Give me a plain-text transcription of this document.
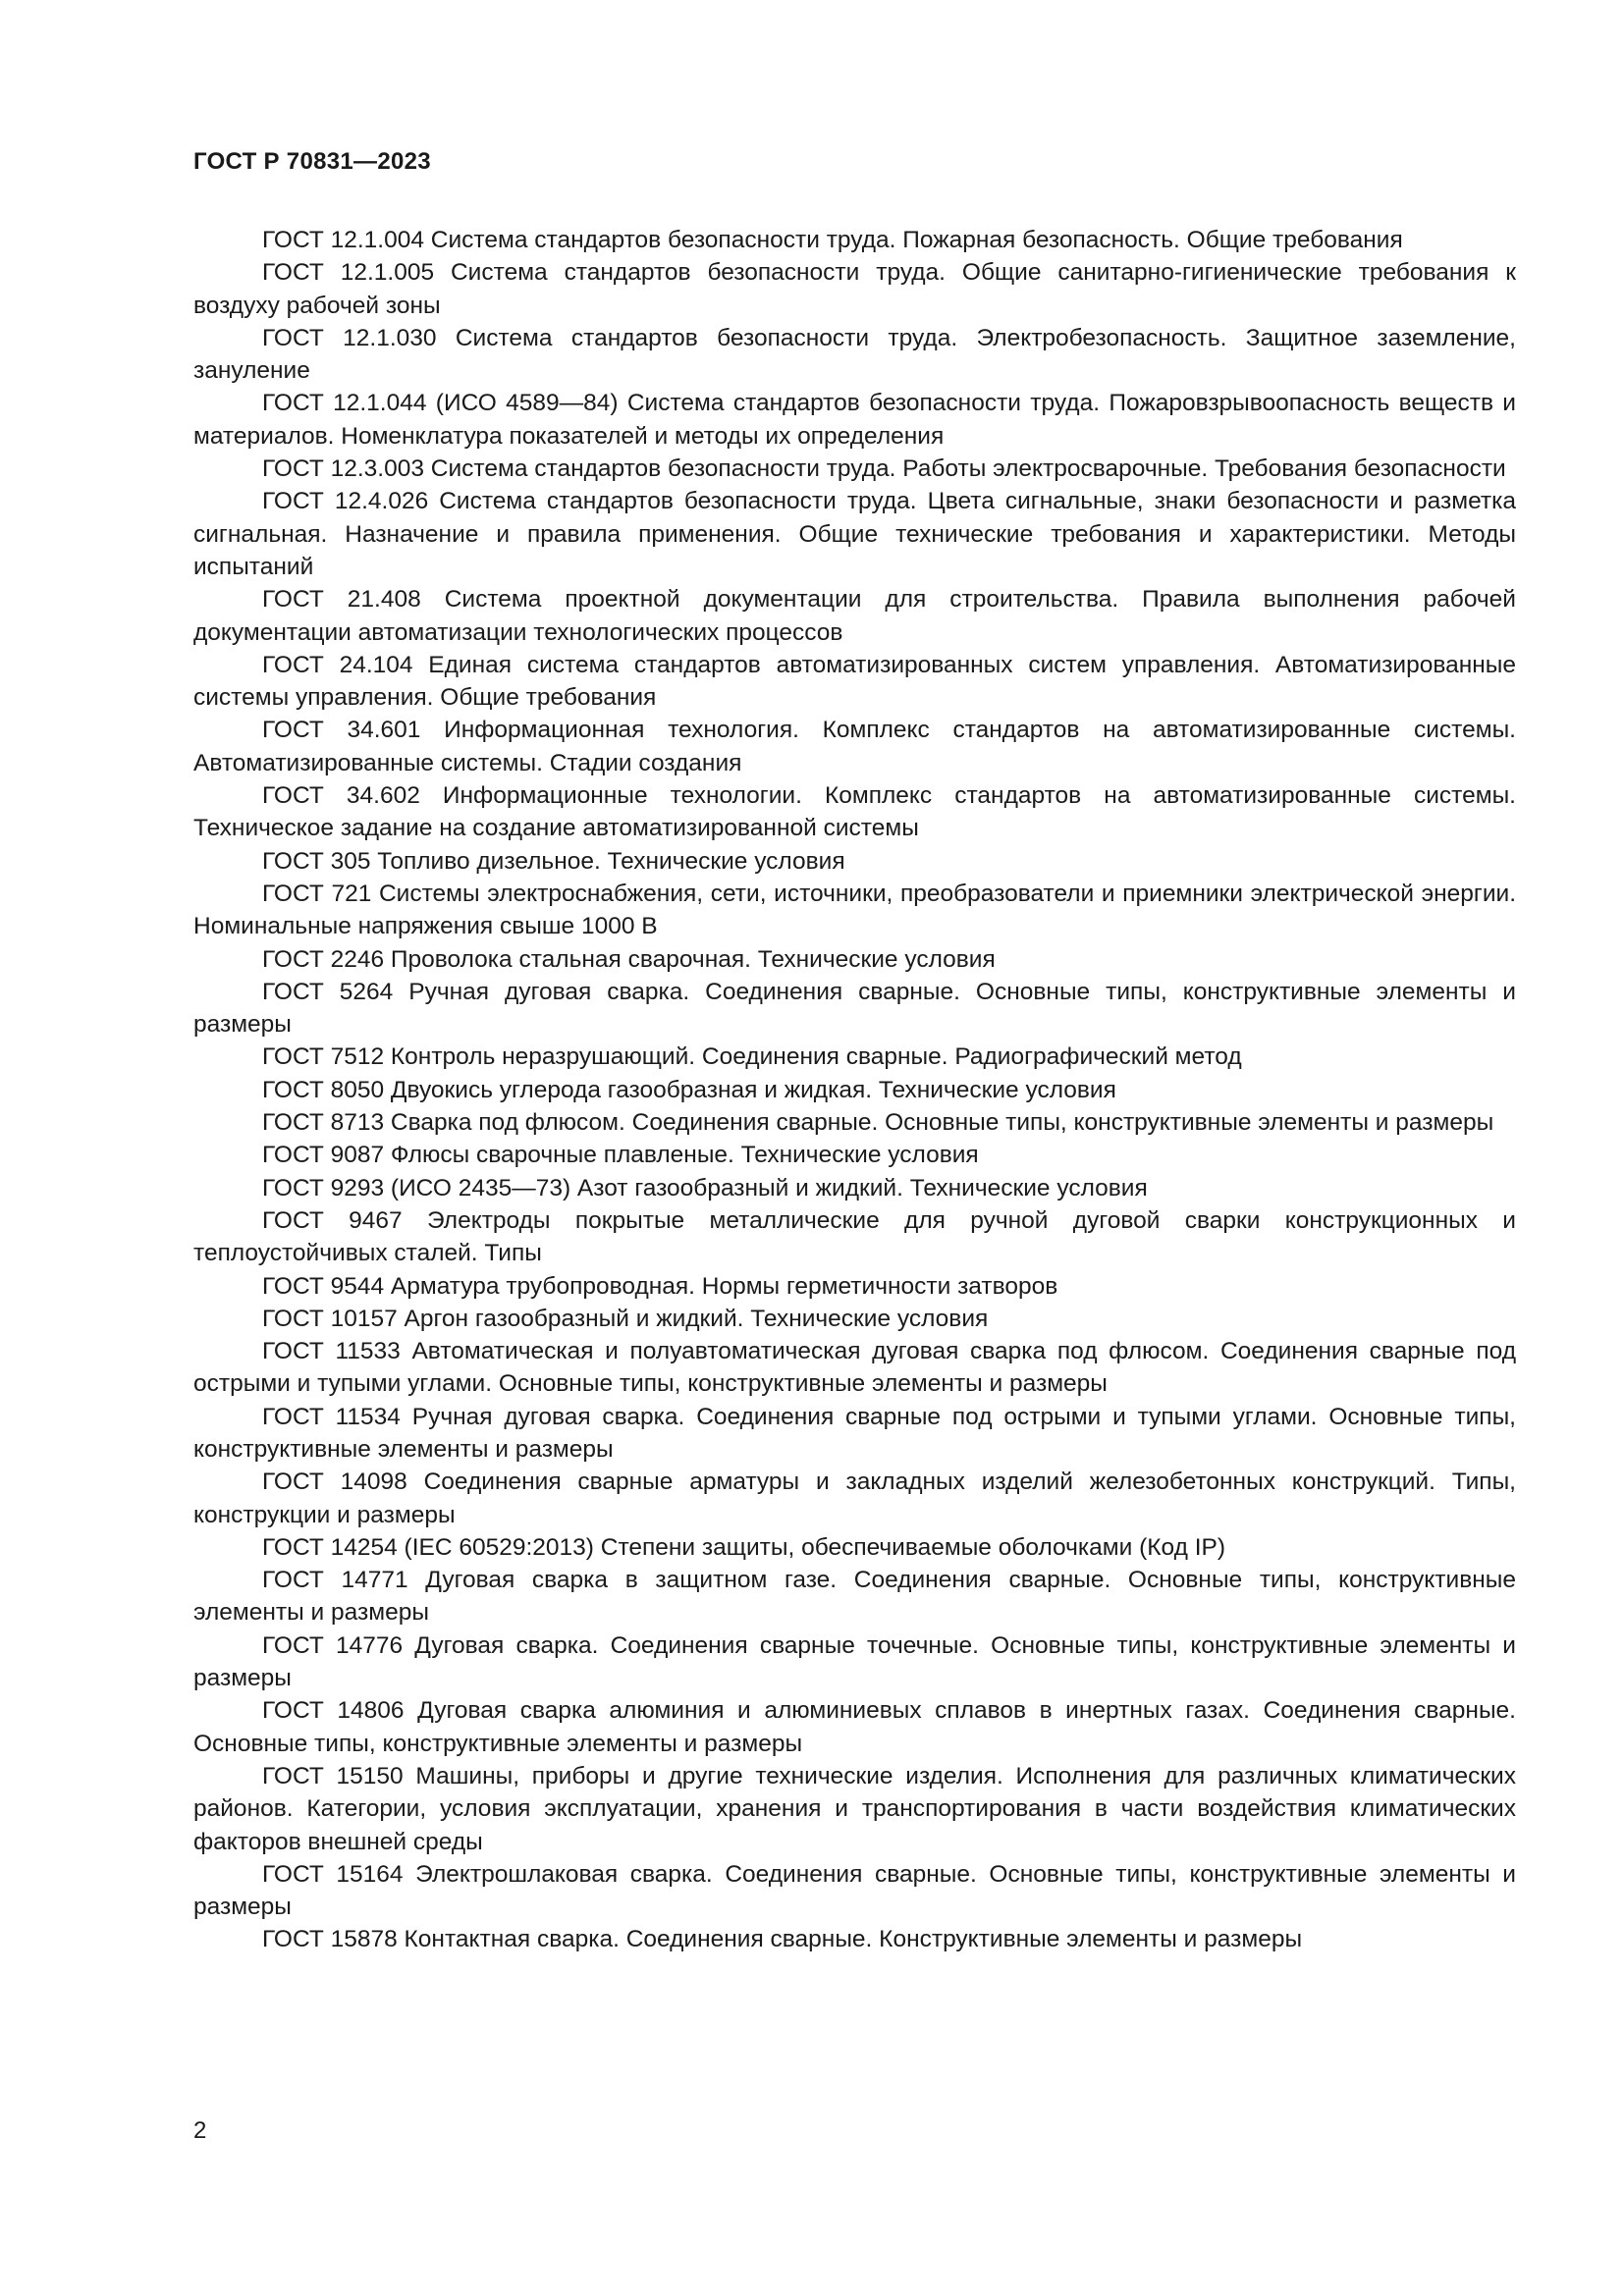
ГОСТ Р 70831—2023
ГОСТ 12.1.004 Система стандартов безопасности труда. Пожарная безопасность. Общие требования
ГОСТ 12.1.005 Система стандартов безопасности труда. Общие санитарно-гигиенические требования к воздуху рабочей зоны
ГОСТ 12.1.030 Система стандартов безопасности труда. Электробезопасность. Защитное заземление, зануление
ГОСТ 12.1.044 (ИСО 4589—84) Система стандартов безопасности труда. Пожаровзрывоопасность веществ и материалов. Номенклатура показателей и методы их определения
ГОСТ 12.3.003 Система стандартов безопасности труда. Работы электросварочные. Требования безопасности
ГОСТ 12.4.026 Система стандартов безопасности труда. Цвета сигнальные, знаки безопасности и разметка сигнальная. Назначение и правила применения. Общие технические требования и характеристики. Методы испытаний
ГОСТ 21.408 Система проектной документации для строительства. Правила выполнения рабочей документации автоматизации технологических процессов
ГОСТ 24.104 Единая система стандартов автоматизированных систем управления. Автоматизированные системы управления. Общие требования
ГОСТ 34.601 Информационная технология. Комплекс стандартов на автоматизированные системы. Автоматизированные системы. Стадии создания
ГОСТ 34.602 Информационные технологии. Комплекс стандартов на автоматизированные системы. Техническое задание на создание автоматизированной системы
ГОСТ 305 Топливо дизельное. Технические условия
ГОСТ 721 Системы электроснабжения, сети, источники, преобразователи и приемники электрической энергии. Номинальные напряжения свыше 1000 В
ГОСТ 2246 Проволока стальная сварочная. Технические условия
ГОСТ 5264 Ручная дуговая сварка. Соединения сварные. Основные типы, конструктивные элементы и размеры
ГОСТ 7512 Контроль неразрушающий. Соединения сварные. Радиографический метод
ГОСТ 8050 Двуокись углерода газообразная и жидкая. Технические условия
ГОСТ 8713 Сварка под флюсом. Соединения сварные. Основные типы, конструктивные элементы и размеры
ГОСТ 9087 Флюсы сварочные плавленые. Технические условия
ГОСТ 9293 (ИСО 2435—73) Азот газообразный и жидкий. Технические условия
ГОСТ 9467 Электроды покрытые металлические для ручной дуговой сварки конструкционных и теплоустойчивых сталей. Типы
ГОСТ 9544 Арматура трубопроводная. Нормы герметичности затворов
ГОСТ 10157 Аргон газообразный и жидкий. Технические условия
ГОСТ 11533 Автоматическая и полуавтоматическая дуговая сварка под флюсом. Соединения сварные под острыми и тупыми углами. Основные типы, конструктивные элементы и размеры
ГОСТ 11534 Ручная дуговая сварка. Соединения сварные под острыми и тупыми углами. Основные типы, конструктивные элементы и размеры
ГОСТ 14098 Соединения сварные арматуры и закладных изделий железобетонных конструкций. Типы, конструкции и размеры
ГОСТ 14254 (IEC 60529:2013) Степени защиты, обеспечиваемые оболочками (Код IP)
ГОСТ 14771 Дуговая сварка в защитном газе. Соединения сварные. Основные типы, конструктивные элементы и размеры
ГОСТ 14776 Дуговая сварка. Соединения сварные точечные. Основные типы, конструктивные элементы и размеры
ГОСТ 14806 Дуговая сварка алюминия и алюминиевых сплавов в инертных газах. Соединения сварные. Основные типы, конструктивные элементы и размеры
ГОСТ 15150 Машины, приборы и другие технические изделия. Исполнения для различных климатических районов. Категории, условия эксплуатации, хранения и транспортирования в части воздействия климатических факторов внешней среды
ГОСТ 15164 Электрошлаковая сварка. Соединения сварные. Основные типы, конструктивные элементы и размеры
ГОСТ 15878 Контактная сварка. Соединения сварные. Конструктивные элементы и размеры
2
